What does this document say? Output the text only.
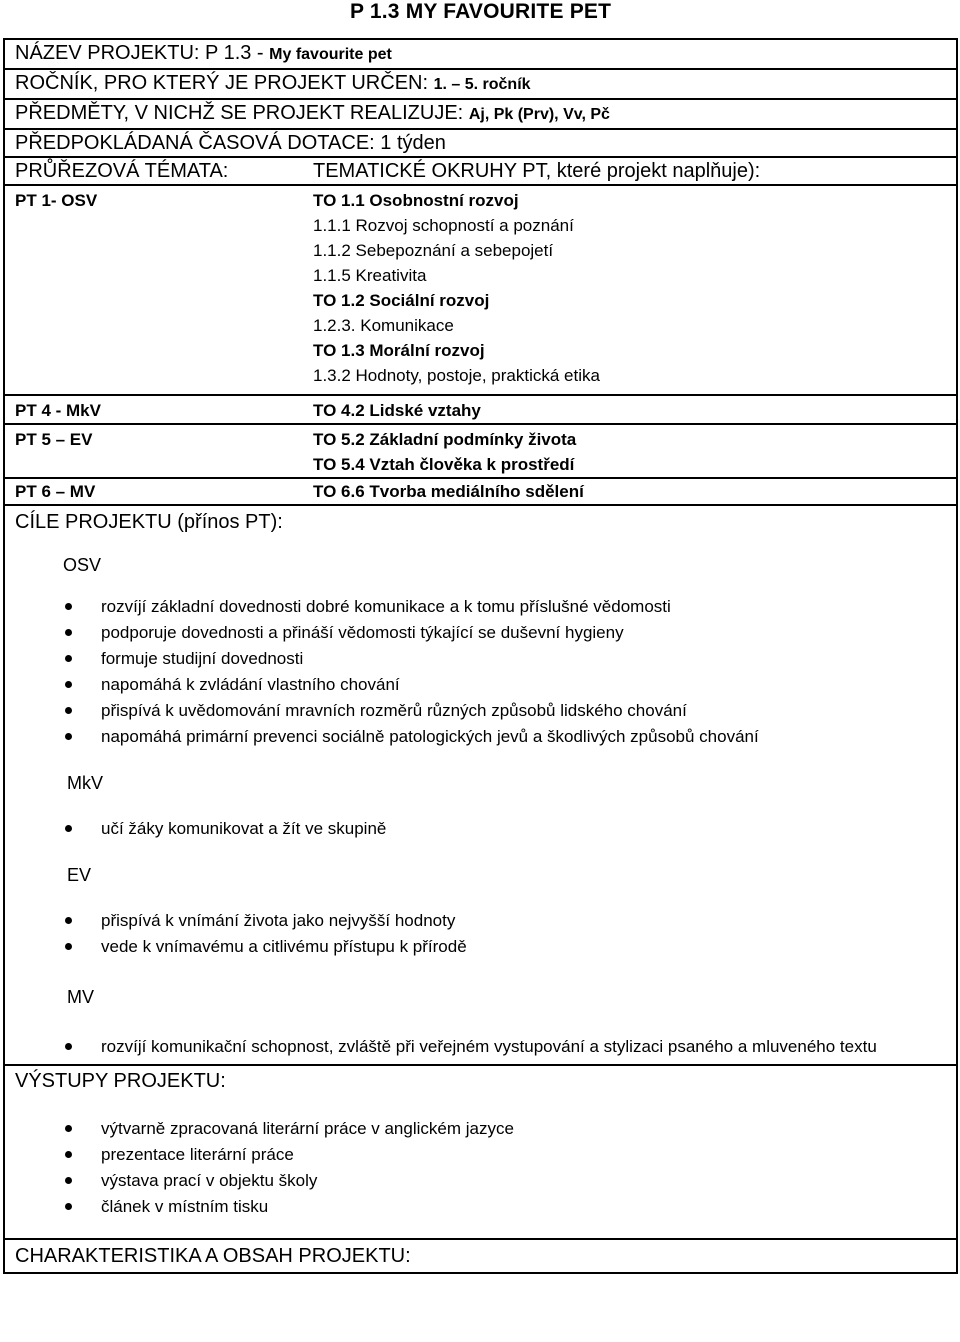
P 1.3 MY FAVOURITE PET
NÁZEV PROJEKTU: P 1.3 - My favourite pet
ROČNÍK, PRO KTERÝ JE PROJEKT URČEN: 1. – 5. ročník
PŘEDMĚTY, V NICHŽ SE PROJEKT REALIZUJE: Aj, Pk (Prv), Vv, Pč
PŘEDPOKLÁDANÁ ČASOVÁ DOTACE: 1 týden
PRŮŘEZOVÁ TÉMATA:	TEMATICKÉ OKRUHY PT, které projekt naplňuje):

PT 1- OSV	TO 1.1 Osobnostní rozvoj
1.1.1 Rozvoj schopností a poznání
1.1.2 Sebepoznání a sebepojetí
1.1.5 Kreativita
TO 1.2 Sociální rozvoj
1.2.3. Komunikace
TO 1.3 Morální rozvoj
1.3.2 Hodnoty, postoje, praktická etika

PT 4 - MkV	TO 4.2 Lidské vztahy

PT 5 – EV	TO 5.2 Základní podmínky života
TO 5.4 Vztah člověka k prostředí

PT 6 – MV	TO 6.6 Tvorba mediálního sdělení

CÍLE PROJEKTU (přínos PT):
OSV
rozvíjí základní dovednosti dobré komunikace a k tomu příslušné vědomosti
podporuje dovednosti a přináší vědomosti týkající se duševní hygieny
formuje studijní dovednosti
napomáhá k zvládání vlastního chování
přispívá k uvědomování mravních rozměrů různých způsobů lidského chování
napomáhá primární prevenci sociálně patologických jevů a škodlivých způsobů chování
MkV
učí žáky komunikovat a žít ve skupině
EV
přispívá k vnímání života jako nejvyšší hodnoty
vede k vnímavému a citlivému přístupu k přírodě
MV
rozvíjí komunikační schopnost, zvláště při veřejném vystupování a stylizaci psaného a mluveného textu

VÝSTUPY PROJEKTU:
výtvarně zpracovaná literární práce v anglickém jazyce
prezentace literární práce
výstava prací v objektu školy
článek v místním tisku

CHARAKTERISTIKA A OBSAH PROJEKTU:
